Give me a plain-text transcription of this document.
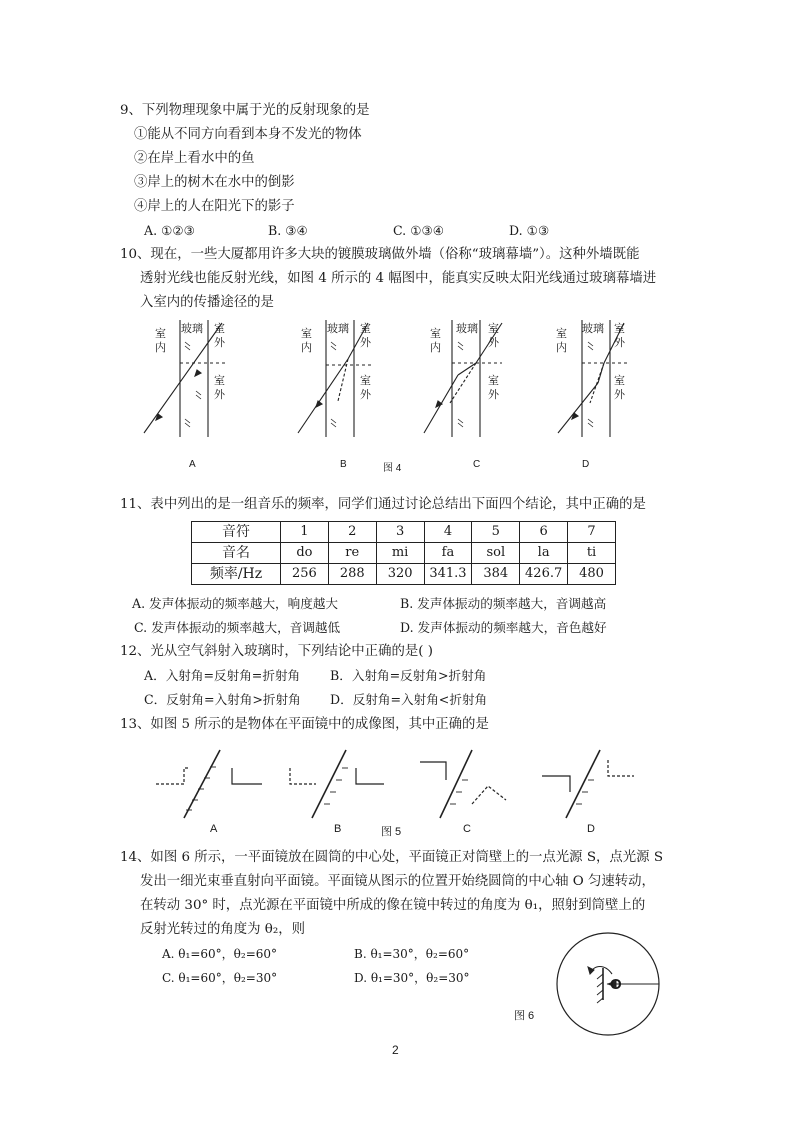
9、下列物理现象中属于光的反射现象的是
①能从不同方向看到本身不发光的物体
②在岸上看水中的鱼
③岸上的树木在水中的倒影
④岸上的人在阳光下的影子
A. ①②③	B. ③④	C. ①③④	D. ①③
10、现在，一些大厦都用许多大块的镀膜玻璃做外墙（俗称“玻璃幕墙”）。这种外墙既能
透射光线也能反射光线，如图 4 所示的 4 幅图中，能真实反映太阳光线通过玻璃幕墙进
入室内的传播途径的是
室内
玻璃 室外
室外
室内
玻璃 室外
室外
室内
玻璃 室外
室外
室内
玻璃 室外
室外
A	B	图 4	C	D
11、表中列出的是一组音乐的频率，同学们通过讨论总结出下面四个结论，其中正确的是
音符	1	2	3	4	5	6	7
音名	do	re	mi	fa	sol	la	ti
频率/Hz	256	288	320	341.3	384	426.7	480
A. 发声体振动的频率越大，响度越大	B. 发声体振动的频率越大，音调越高
C. 发声体振动的频率越大，音调越低	D. 发声体振动的频率越大，音色越好
12、光从空气斜射入玻璃时，下列结论中正确的是( )
A．入射角=反射角=折射角 B．入射角=反射角>折射角
C．反射角=入射角>折射角 D．反射角=入射角<折射角
13、如图 5 所示的是物体在平面镜中的成像图，其中正确的是
A	B	图 5	C	D
14、如图 6 所示，一平面镜放在圆筒的中心处，平面镜正对筒壁上的一点光源 S，点光源 S
发出一细光束垂直射向平面镜。平面镜从图示的位置开始绕圆筒的中心轴 O 匀速转动，
在转动 30° 时，点光源在平面镜中所成的像在镜中转过的角度为 θ₁，照射到筒壁上的
反射光转过的角度为 θ₂，则
A. θ₁=60°，θ₂=60°	B. θ₁=30°，θ₂=60°
C. θ₁=60°，θ₂=30°	D. θ₁=30°，θ₂=30°	O
图 6
2
